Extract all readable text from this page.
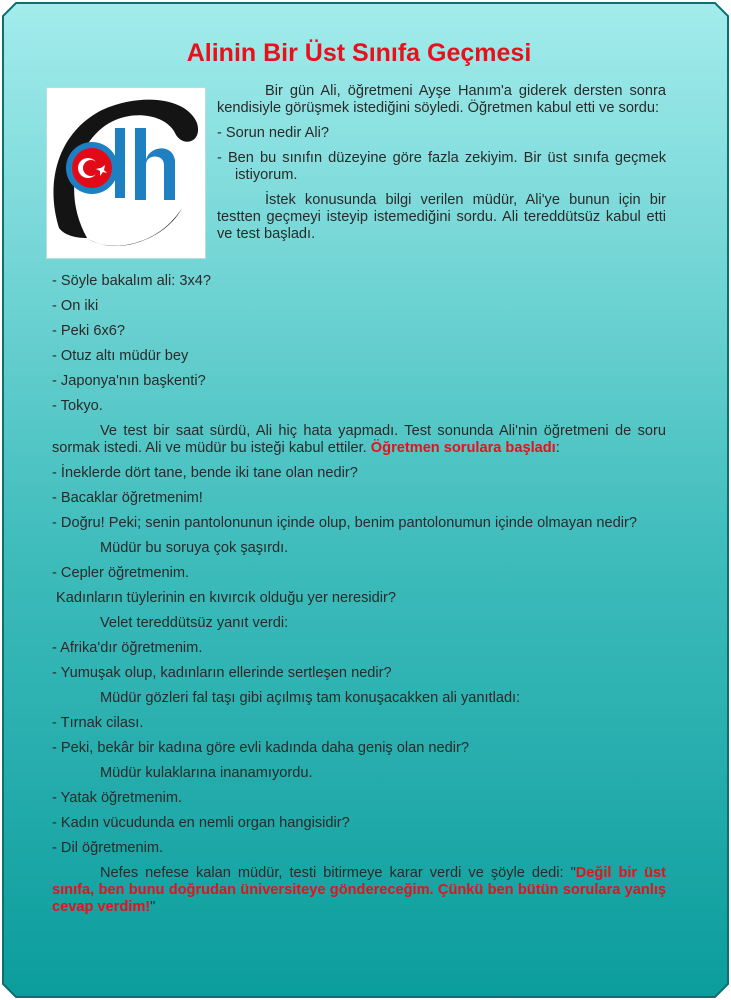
Alinin Bir Üst Sınıfa Geçmesi

Bir gün Ali, öğretmeni Ayşe Hanım'a giderek dersten sonra kendisiyle görüşmek istediğini söyledi. Öğretmen kabul etti ve sordu:

- Sorun nedir Ali?

- Ben bu sınıfın düzeyine göre fazla zekiyim. Bir üst sınıfa geçmek istiyorum.

İstek konusunda bilgi verilen müdür, Ali'ye bunun için bir testten geçmeyi isteyip istemediğini sordu. Ali tereddütsüz kabul etti ve test başladı.

- Söyle bakalım ali: 3x4?

- On iki

- Peki 6x6?

- Otuz altı müdür bey

- Japonya'nın başkenti?

- Tokyo.

Ve test bir saat sürdü, Ali hiç hata yapmadı. Test sonunda Ali'nin öğretmeni de soru sormak istedi. Ali ve müdür bu isteği kabul ettiler. Öğretmen sorulara başladı:

- İneklerde dört tane, bende iki tane olan nedir?

- Bacaklar öğretmenim!

- Doğru! Peki; senin pantolonunun içinde olup, benim pantolonumun içinde olmayan nedir?

Müdür bu soruya çok şaşırdı.

- Cepler öğretmenim.

Kadınların tüylerinin en kıvırcık olduğu yer neresidir?

Velet tereddütsüz yanıt verdi:

- Afrika'dır öğretmenim.

- Yumuşak olup, kadınların ellerinde sertleşen nedir?

Müdür gözleri fal taşı gibi açılmış tam konuşacakken ali yanıtladı:

- Tırnak cilası.

- Peki, bekâr bir kadına göre evli kadında daha geniş olan nedir?

Müdür kulaklarına inanamıyordu.

- Yatak öğretmenim.

- Kadın vücudunda en nemli organ hangisidir?

- Dil öğretmenim.

Nefes nefese kalan müdür, testi bitirmeye karar verdi ve şöyle dedi: "Değil bir üst sınıfa, ben bunu doğrudan üniversiteye göndereceğim. Çünkü ben bütün sorulara yanlış cevap verdim!"
